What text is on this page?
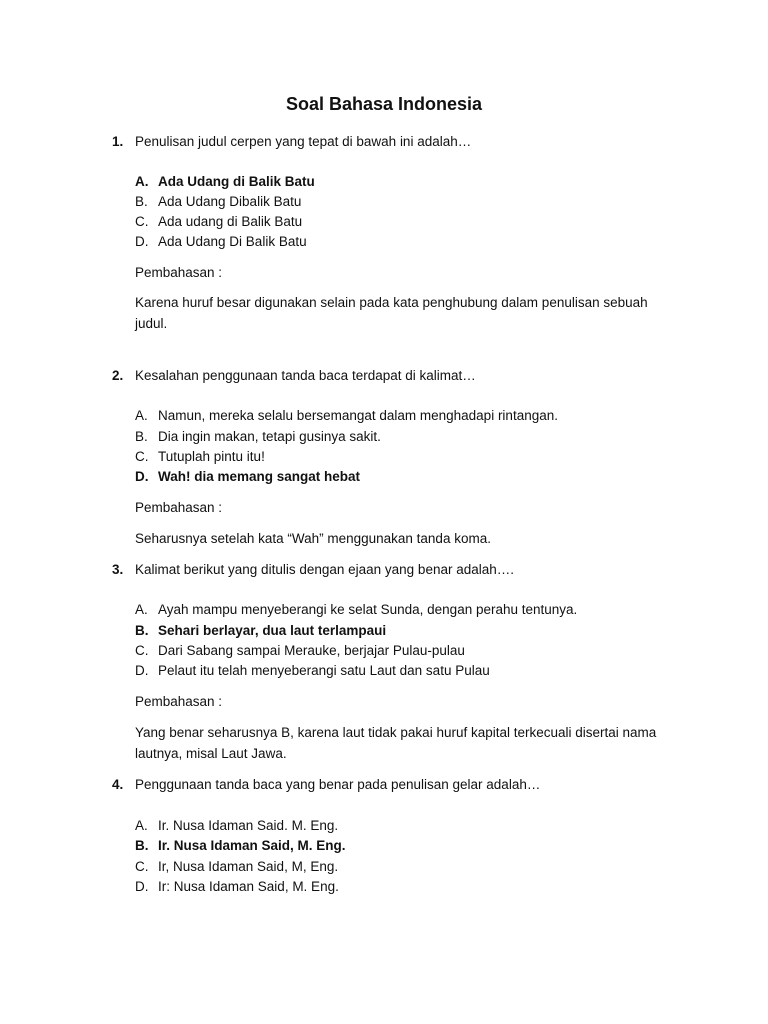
Soal Bahasa Indonesia
1. Penulisan judul cerpen yang tepat di bawah ini adalah…
A. Ada Udang di Balik Batu
B. Ada Udang Dibalik Batu
C. Ada udang di Balik Batu
D. Ada Udang Di Balik Batu
Pembahasan :
Karena huruf besar digunakan selain pada kata penghubung dalam penulisan sebuah
judul.
2. Kesalahan penggunaan tanda baca terdapat di kalimat…
A. Namun, mereka selalu bersemangat dalam menghadapi rintangan.
B. Dia ingin makan, tetapi gusinya sakit.
C. Tutuplah pintu itu!
D. Wah! dia memang sangat hebat
Pembahasan :
Seharusnya setelah kata “Wah” menggunakan tanda koma.
3. Kalimat berikut yang ditulis dengan ejaan yang benar adalah….
A. Ayah mampu menyeberangi ke selat Sunda, dengan perahu tentunya.
B. Sehari berlayar, dua laut terlampaui
C. Dari Sabang sampai Merauke, berjajar Pulau-pulau
D. Pelaut itu telah menyeberangi satu Laut dan satu Pulau
Pembahasan :
Yang benar seharusnya B, karena laut tidak pakai huruf kapital terkecuali disertai nama
lautnya, misal Laut Jawa.
4. Penggunaan tanda baca yang benar pada penulisan gelar adalah…
A. Ir. Nusa Idaman Said. M. Eng.
B. Ir. Nusa Idaman Said, M. Eng.
C. Ir, Nusa Idaman Said, M, Eng.
D. Ir: Nusa Idaman Said, M. Eng.
